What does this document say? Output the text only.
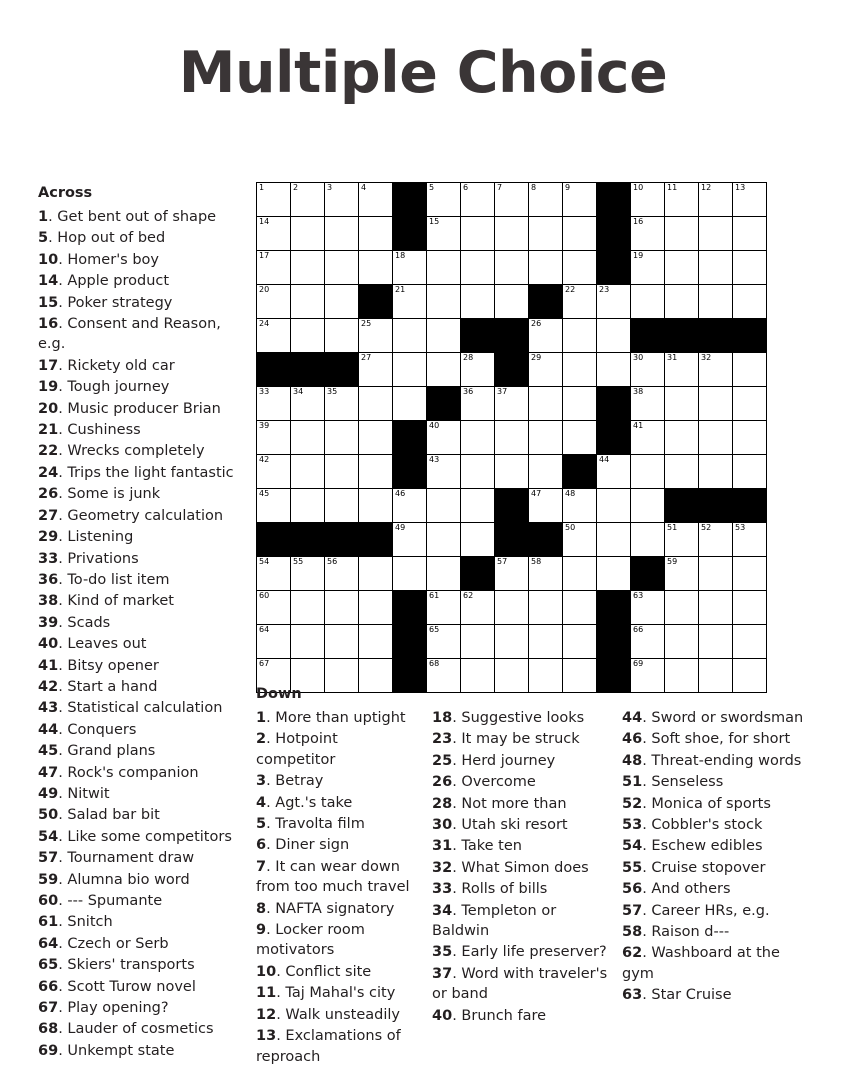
Multiple Choice
Across
1. Get bent out of shape
5. Hop out of bed
10. Homer's boy
14. Apple product
15. Poker strategy
16. Consent and Reason, e.g.
17. Rickety old car
19. Tough journey
20. Music producer Brian
21. Cushiness
22. Wrecks completely
24. Trips the light fantastic
26. Some is junk
27. Geometry calculation
29. Listening
33. Privations
36. To-do list item
38. Kind of market
39. Scads
40. Leaves out
41. Bitsy opener
42. Start a hand
43. Statistical calculation
44. Conquers
45. Grand plans
47. Rock's companion
49. Nitwit
50. Salad bar bit
54. Like some competitors
57. Tournament draw
59. Alumna bio word
60. --- Spumante
61. Snitch
64. Czech or Serb
65. Skiers' transports
66. Scott Turow novel
67. Play opening?
68. Lauder of cosmetics
69. Unkempt state
1	2	3	4		5	6	7	8	9		10	11	12	13

14					15						16			

17				18							19			

20				21					22	23				

24			25					26						

			27			28		29			30	31	32	

33	34	35				36	37				38			

39					40						41			

42					43					44				

45				46				47	48					

				49					50			51	52	53

54	55	56					57	58				59		

60					61	62					63			

64					65						66			

67					68						69			

Down
1. More than uptight
2. Hotpoint competitor
3. Betray
4. Agt.'s take
5. Travolta film
6. Diner sign
7. It can wear down from too much travel
8. NAFTA signatory
9. Locker room motivators
10. Conflict site
11. Taj Mahal's city
12. Walk unsteadily
13. Exclamations of reproach
18. Suggestive looks
23. It may be struck
25. Herd journey
26. Overcome
28. Not more than
30. Utah ski resort
31. Take ten
32. What Simon does
33. Rolls of bills
34. Templeton or Baldwin
35. Early life preserver?
37. Word with traveler's or band
40. Brunch fare
44. Sword or swordsman
46. Soft shoe, for short
48. Threat-ending words
51. Senseless
52. Monica of sports
53. Cobbler's stock
54. Eschew edibles
55. Cruise stopover
56. And others
57. Career HRs, e.g.
58. Raison d---
62. Washboard at the gym
63. Star Cruise
